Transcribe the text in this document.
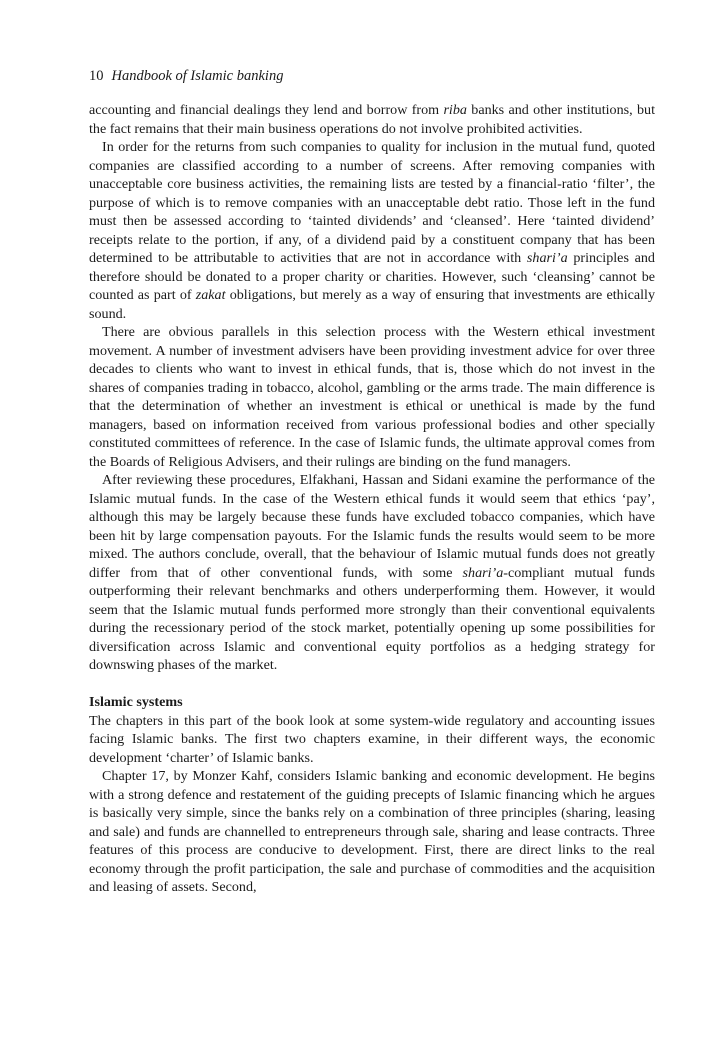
10 Handbook of Islamic banking

accounting and financial dealings they lend and borrow from riba banks and other institutions, but the fact remains that their main business operations do not involve prohibited activities.

In order for the returns from such companies to quality for inclusion in the mutual fund, quoted companies are classified according to a number of screens. After removing companies with unacceptable core business activities, the remaining lists are tested by a financial-ratio ‘filter’, the purpose of which is to remove companies with an unacceptable debt ratio. Those left in the fund must then be assessed according to ‘tainted dividends’ and ‘cleansed’. Here ‘tainted dividend’ receipts relate to the portion, if any, of a dividend paid by a constituent company that has been determined to be attributable to activities that are not in accordance with shari’a principles and therefore should be donated to a proper charity or charities. However, such ‘cleansing’ cannot be counted as part of zakat obligations, but merely as a way of ensuring that investments are ethically sound.

There are obvious parallels in this selection process with the Western ethical investment movement. A number of investment advisers have been providing investment advice for over three decades to clients who want to invest in ethical funds, that is, those which do not invest in the shares of companies trading in tobacco, alcohol, gambling or the arms trade. The main difference is that the determination of whether an investment is ethical or unethical is made by the fund managers, based on information received from various professional bodies and other specially constituted committees of reference. In the case of Islamic funds, the ultimate approval comes from the Boards of Religious Advisers, and their rulings are binding on the fund managers.

After reviewing these procedures, Elfakhani, Hassan and Sidani examine the performance of the Islamic mutual funds. In the case of the Western ethical funds it would seem that ethics ‘pay’, although this may be largely because these funds have excluded tobacco companies, which have been hit by large compensation payouts. For the Islamic funds the results would seem to be more mixed. The authors conclude, overall, that the behaviour of Islamic mutual funds does not greatly differ from that of other conventional funds, with some shari’a-compliant mutual funds outperforming their relevant benchmarks and others underperforming them. However, it would seem that the Islamic mutual funds performed more strongly than their conventional equivalents during the recessionary period of the stock market, potentially opening up some possibilities for diversification across Islamic and conventional equity portfolios as a hedging strategy for downswing phases of the market.

Islamic systems

The chapters in this part of the book look at some system-wide regulatory and accounting issues facing Islamic banks. The first two chapters examine, in their different ways, the economic development ‘charter’ of Islamic banks.

Chapter 17, by Monzer Kahf, considers Islamic banking and economic development. He begins with a strong defence and restatement of the guiding precepts of Islamic financing which he argues is basically very simple, since the banks rely on a combination of three principles (sharing, leasing and sale) and funds are channelled to entrepreneurs through sale, sharing and lease contracts. Three features of this process are conducive to development. First, there are direct links to the real economy through the profit participation, the sale and purchase of commodities and the acquisition and leasing of assets. Second,
